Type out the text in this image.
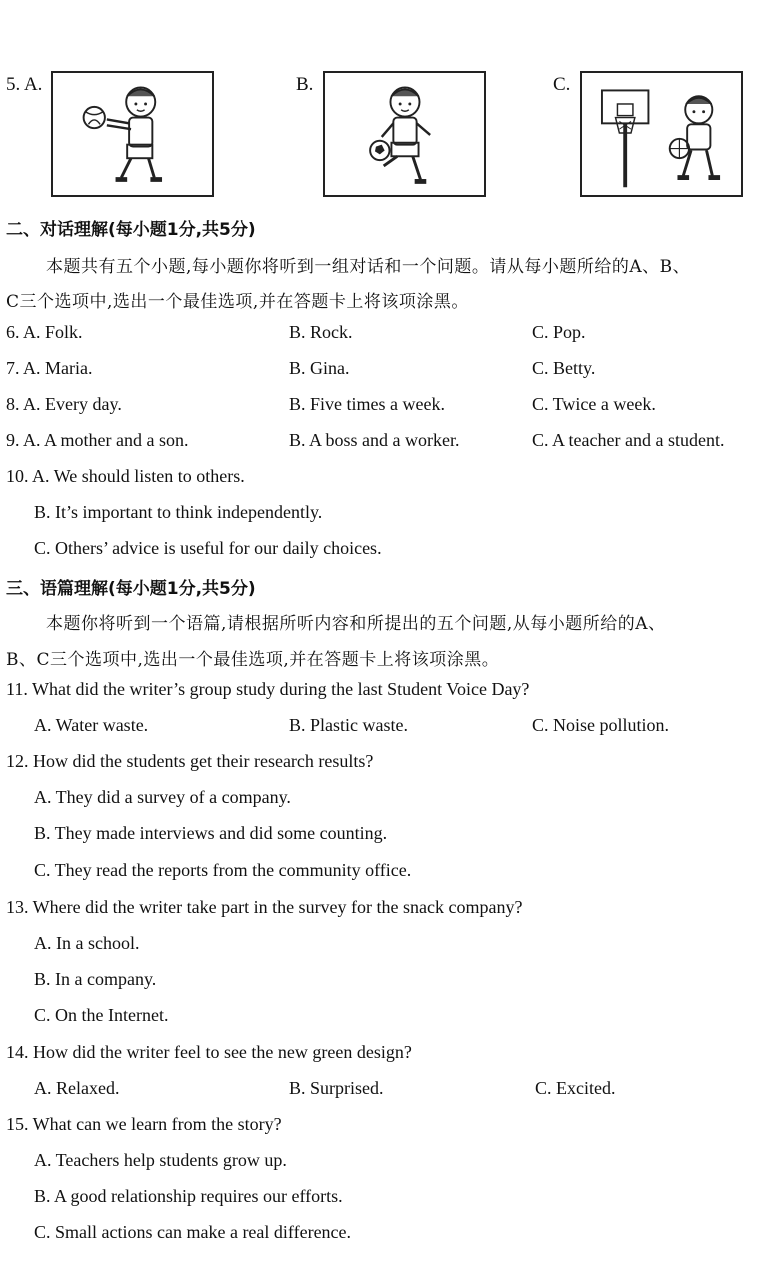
5. A.	B.	C.
二、对话理解(每小题1分,共5分)
本题共有五个小题,每小题你将听到一组对话和一个问题。请从每小题所给的A、B、
C三个选项中,选出一个最佳选项,并在答题卡上将该项涂黑。
6. A. Folk.	B. Rock.	C. Pop.
7. A. Maria.	B. Gina.	C. Betty.
8. A. Every day.	B. Five times a week.	C. Twice a week.
9. A. A mother and a son.	B. A boss and a worker.	C. A teacher and a student.
10. A. We should listen to others.
B. It’s important to think independently.
C. Others’ advice is useful for our daily choices.
三、语篇理解(每小题1分,共5分)
本题你将听到一个语篇,请根据所听内容和所提出的五个问题,从每小题所给的A、
B、C三个选项中,选出一个最佳选项,并在答题卡上将该项涂黑。
11. What did the writer’s group study during the last Student Voice Day?
A. Water waste.	B. Plastic waste.	C. Noise pollution.
12. How did the students get their research results?
A. They did a survey of a company.
B. They made interviews and did some counting.
C. They read the reports from the community office.
13. Where did the writer take part in the survey for the snack company?
A. In a school.
B. In a company.
C. On the Internet.
14. How did the writer feel to see the new green design?
A. Relaxed.	B. Surprised.	C. Excited.
15. What can we learn from the story?
A. Teachers help students grow up.
B. A good relationship requires our efforts.
C. Small actions can make a real difference.
